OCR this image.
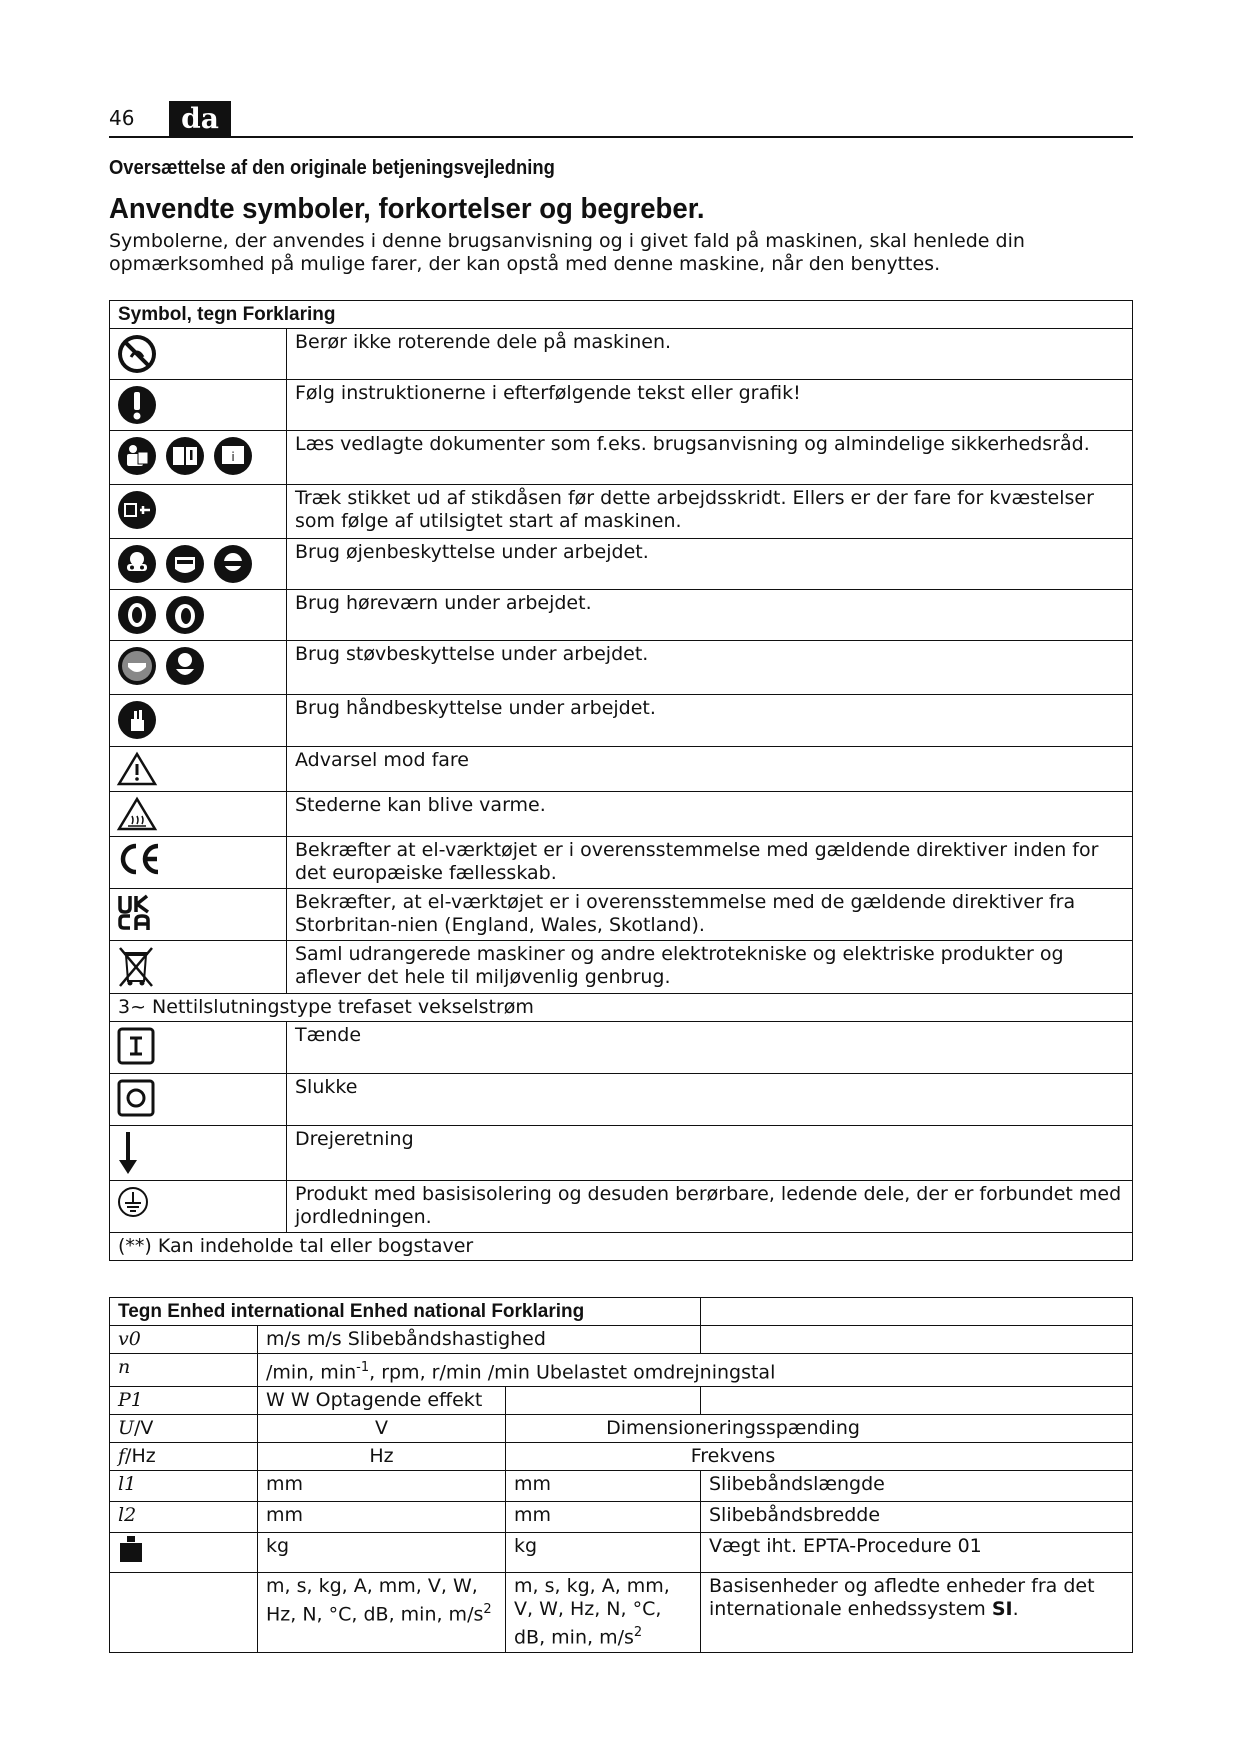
46	da
Oversættelse af den originale betjeningsvejledning
Anvendte symboler, forkortelser og begreber.
Symbolerne, der anvendes i denne brugsanvisning og i givet fald på maskinen, skal henlede din opmærksomhed på mulige farer, der kan opstå med denne maskine, når den benyttes.
Symbol, tegn Forklaring	
	Berør ikke roterende dele på maskinen.
	Følg instruktionerne i efterfølgende tekst eller grafik!

i	Læs vedlagte dokumenter som f.eks. brugsanvisning og almindelige sikkerhedsråd.
	Træk stikket ud af stikdåsen før dette arbejdsskridt. Ellers er der fare for kvæstelser som følge af utilsigtet start af maskinen.
	Brug øjenbeskyttelse under arbejdet.
	Brug høreværn under arbejdet.
	Brug støvbeskyttelse under arbejdet.
	Brug håndbeskyttelse under arbejdet.
	Advarsel mod fare
	Stederne kan blive varme.
	Bekræfter at el-værktøjet er i overensstemmelse med gældende direktiver inden for det europæiske fællesskab.
	Bekræfter, at el-værktøjet er i overensstemmelse med de gældende direktiver fra Storbritan-nien (England, Wales, Skotland).
	Saml udrangerede maskiner og andre elektrotekniske og elektriske produkter og aflever det hele til miljøvenlig genbrug.
3~ Nettilslutningstype trefaset vekselstrøm	
	Tænde
	Slukke
	Drejeretning
	Produkt med basisisolering og desuden berørbare, ledende dele, der er forbundet med jordledningen.
(**) Kan indeholde tal eller bogstaver	
Tegn Enhed international Enhed national Forklaring			
v0	m/s m/s Slibebåndshastighed		
n	/min, $\min^{-1}$, rpm, r/min /min Ubelastet omdrejningstal		
P1	W W Optagende effekt		
U/V	V	Dimensioneringsspænding	
f/Hz	Hz	Frekvens	
l1	mm	mm	Slibebåndslængde
l2	mm	mm	Slibebåndsbredde
	kg	kg	Vægt iht. EPTA-Procedure 01
	m, s, kg, A, mm, V, W, Hz, N, °C, dB, min, $m/s^2$	m, s, kg, A, mm, V, W, Hz, N, °C, dB, min, $m/s^2$	Basisenheder og afledte enheder fra det internationale enhedssystem SI.
